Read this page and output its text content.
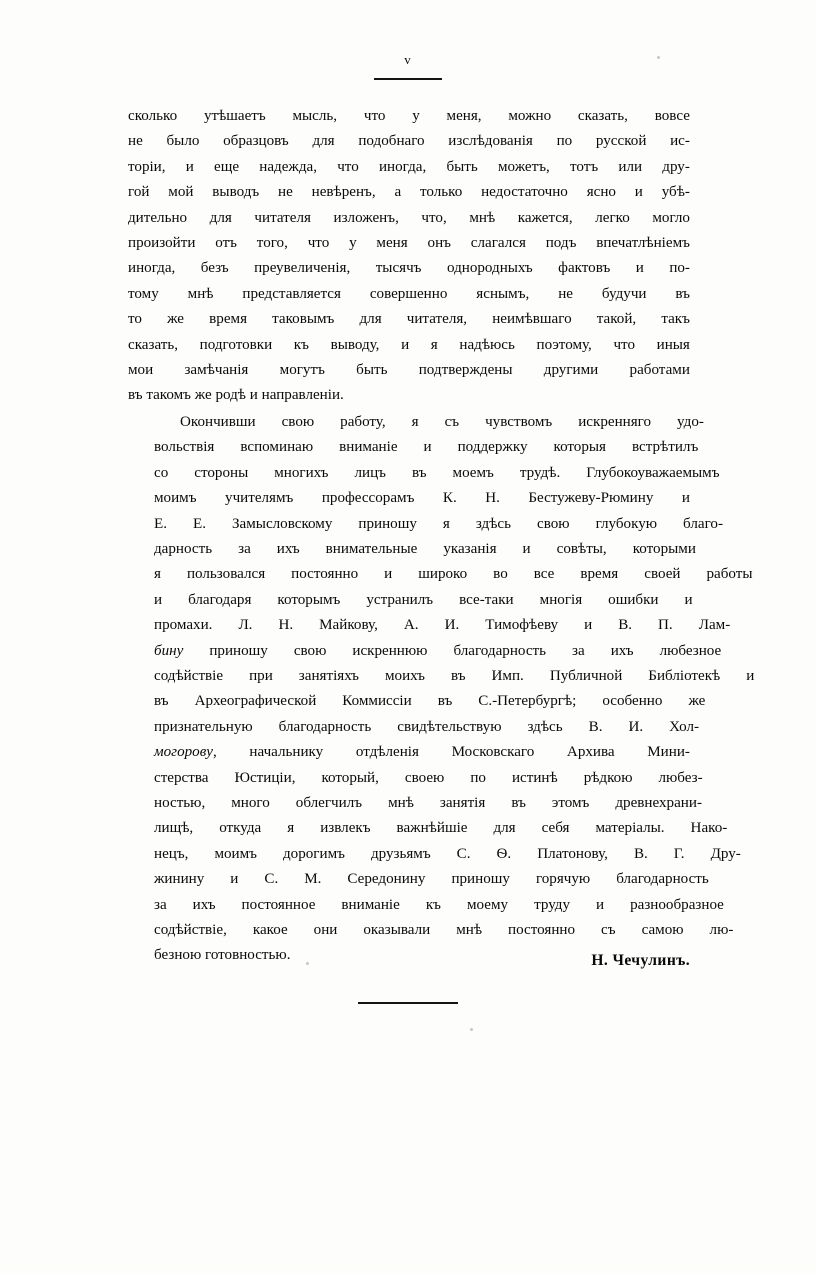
v
сколько утѣшаетъ мысль, что у меня, можно сказать, вовсе
не было образцовъ для подобнаго изслѣдованія по русской ис-
торіи, и еще надежда, что иногда, быть можетъ, тотъ или дру-
гой мой выводъ не невѣренъ, а только недостаточно ясно и убѣ-
дительно для читателя изложенъ, что, мнѣ кажется, легко могло
произойти отъ того, что у меня онъ слагался подъ впечатлѣніемъ
иногда, безъ преувеличенія, тысячъ однородныхъ фактовъ и по-
тому мнѣ представляется совершенно яснымъ, не будучи въ
то же время таковымъ для читателя, неимѣвшаго такой, такъ
сказать, подготовки къ выводу, и я надѣюсь поэтому, что иныя
мои замѣчанія могутъ быть подтверждены другими работами
въ такомъ же родѣ и направленіи.
Окончивши	свою	работу,	я	съ	чувствомъ	искренняго	удо-
вольствія	вспоминаю	вниманіе	и	поддержку	которыя	встрѣтилъ
со	стороны	многихъ	лицъ	въ	моемъ	трудѣ.	Глубокоуважаемымъ
моимъ	учителямъ	профессорамъ	К.	Н.	Бестужеву-Рюмину	и
Е.	Е.	Замысловскому	приношу	я	здѣсь	свою	глубокую	благо-
дарность	за	ихъ	внимательные	указанія	и	совѣты,	которыми
я	пользовался	постоянно	и	широко	во	все	время	своей	работы
и	благодаря	которымъ	устранилъ	все-таки	многія	ошибки	и
промахи.	Л.	Н.	Майкову,	А.	И.	Тимофѣеву	и	В.	П.	Лам-
бину	приношу	свою	искреннюю	благодарность	за	ихъ	любезное
содѣйствіе	при	занятіяхъ	моихъ	въ	Имп.	Публичной	Библіотекѣ	и
въ	Археографической	Коммиссіи	въ	С.-Петербургѣ;	особенно	же
признательную	благодарность	свидѣтельствую	здѣсь	В.	И.	Хол-
могорову,	начальнику	отдѣленія	Московскаго	Архива	Мини-
стерства	Юстиціи,	который,	своею	по	истинѣ	рѣдкою	любез-
ностью,	много	облегчилъ	мнѣ	занятія	въ	этомъ	древнехрани-
лищѣ,	откуда	я	извлекъ	важнѣйшіе	для	себя	матеріалы.	Нако-
нецъ,	моимъ	дорогимъ	друзьямъ	С.	Ѳ.	Платонову,	В.	Г.	Дру-
жинину	и	С.	М.	Середонину	приношу	горячую	благодарность
за	ихъ	постоянное	вниманіе	къ	моему	труду	и	разнообразное
содѣйствіе,	какое	они	оказывали	мнѣ	постоянно	съ	самою	лю-
безною готовностью.	Н. Чечулинъ.
